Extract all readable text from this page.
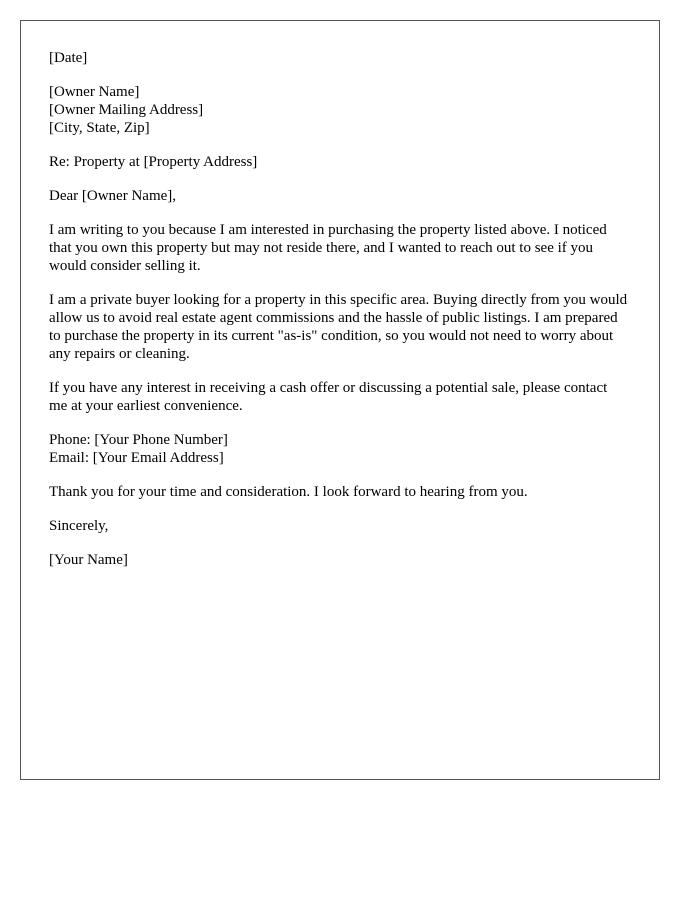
[Date]

[Owner Name]
[Owner Mailing Address]
[City, State, Zip]

Re: Property at [Property Address]

Dear [Owner Name],

I am writing to you because I am interested in purchasing the property listed above. I noticed that you own this property but may not reside there, and I wanted to reach out to see if you would consider selling it.

I am a private buyer looking for a property in this specific area. Buying directly from you would allow us to avoid real estate agent commissions and the hassle of public listings. I am prepared to purchase the property in its current "as-is" condition, so you would not need to worry about any repairs or cleaning.

If you have any interest in receiving a cash offer or discussing a potential sale, please contact me at your earliest convenience.

Phone: [Your Phone Number]
Email: [Your Email Address]

Thank you for your time and consideration. I look forward to hearing from you.

Sincerely,

[Your Name]
